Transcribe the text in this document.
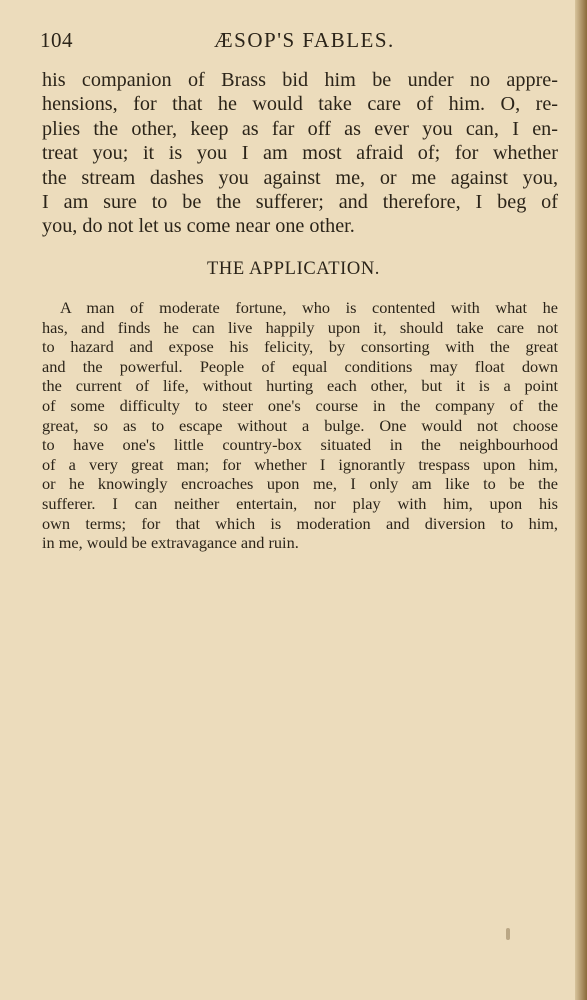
104	ÆSOP'S FABLES.
his companion of Brass bid him be under no appre-
hensions, for that he would take care of him. O, re-
plies the other, keep as far off as ever you can, I en-
treat you; it is you I am most afraid of; for whether
the stream dashes you against me, or me against you,
I am sure to be the sufferer; and therefore, I beg of
you, do not let us come near one other.
THE APPLICATION.
A man of moderate fortune, who is contented with what he
has, and finds he can live happily upon it, should take care not
to hazard and expose his felicity, by consorting with the great
and the powerful. People of equal conditions may float down
the current of life, without hurting each other, but it is a point
of some difficulty to steer one's course in the company of the
great, so as to escape without a bulge. One would not choose
to have one's little country-box situated in the neighbourhood
of a very great man; for whether I ignorantly trespass upon him,
or he knowingly encroaches upon me, I only am like to be the
sufferer. I can neither entertain, nor play with him, upon his
own terms; for that which is moderation and diversion to him,
in me, would be extravagance and ruin.
